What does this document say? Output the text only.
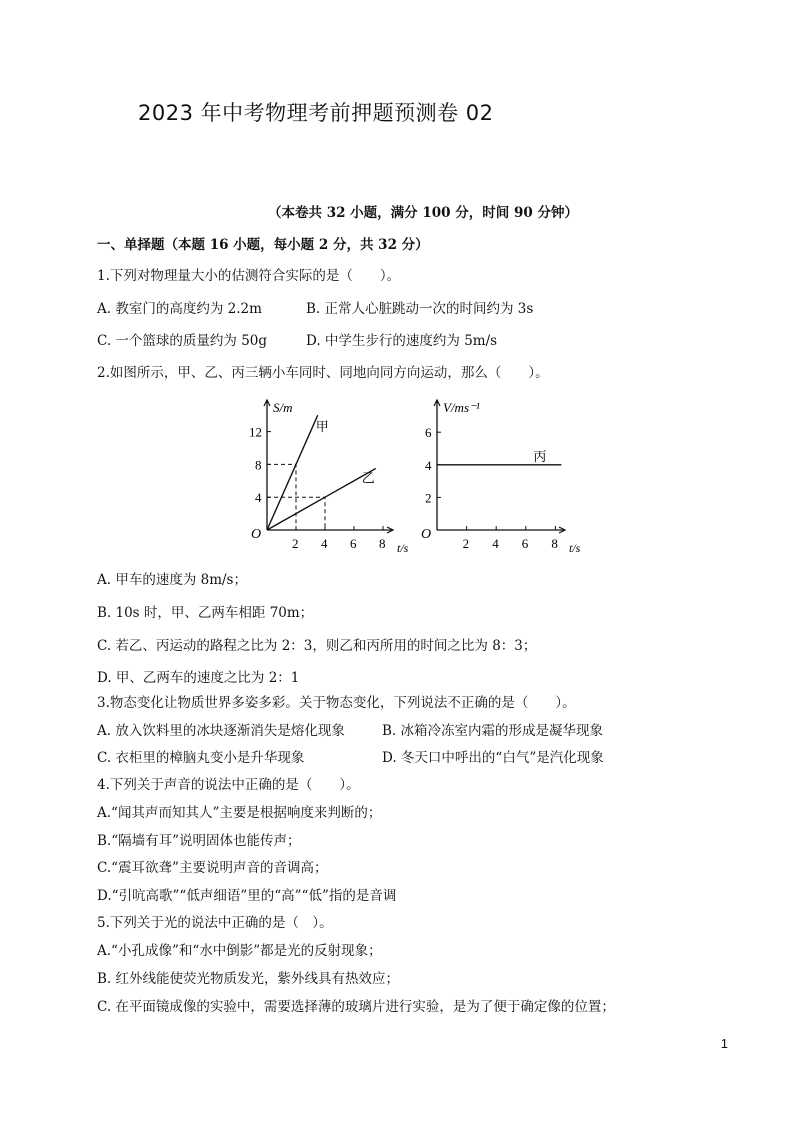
2023 年中考物理考前押题预测卷 02
（本卷共 32 小题，满分 100 分，时间 90 分钟）
一、单择题（本题 16 小题，每小题 2 分，共 32 分）
1.下列对物理量大小的估测符合实际的是（　　）。
A. 教室门的高度约为 2.2m	B. 正常人心脏跳动一次的时间约为 3s
C. 一个篮球的质量约为 50g	D. 中学生步行的速度约为 5m/s
2.如图所示，甲、乙、丙三辆小车同时、同地向同方向运动，那么（　　）。
S/m
t/s
O
2 4 6 8
4
8
12	甲
乙
V/ms⁻¹
t/s
O
2 4 6 8
2
4
6
丙
A. 甲车的速度为 8m/s；
B. 10s 时，甲、乙两车相距 70m；
C. 若乙、丙运动的路程之比为 2：3，则乙和丙所用的时间之比为 8：3；
D. 甲、乙两车的速度之比为 2：1
3.物态变化让物质世界多姿多彩。关于物态变化，下列说法不正确的是（　　）。
A. 放入饮料里的冰块逐渐消失是熔化现象	B. 冰箱冷冻室内霜的形成是凝华现象
C. 衣柜里的樟脑丸变小是升华现象	D. 冬天口中呼出的“白气”是汽化现象
4.下列关于声音的说法中正确的是（　　）。
A.“闻其声而知其人”主要是根据响度来判断的；
B.“隔墙有耳”说明固体也能传声；
C.“震耳欲聋”主要说明声音的音调高；
D.“引吭高歌”“低声细语”里的“高”“低”指的是音调
5.下列关于光的说法中正确的是（　）。
A.“小孔成像”和“水中倒影”都是光的反射现象；
B. 红外线能使荧光物质发光，紫外线具有热效应；
C. 在平面镜成像的实验中，需要选择薄的玻璃片进行实验，是为了便于确定像的位置；
1
